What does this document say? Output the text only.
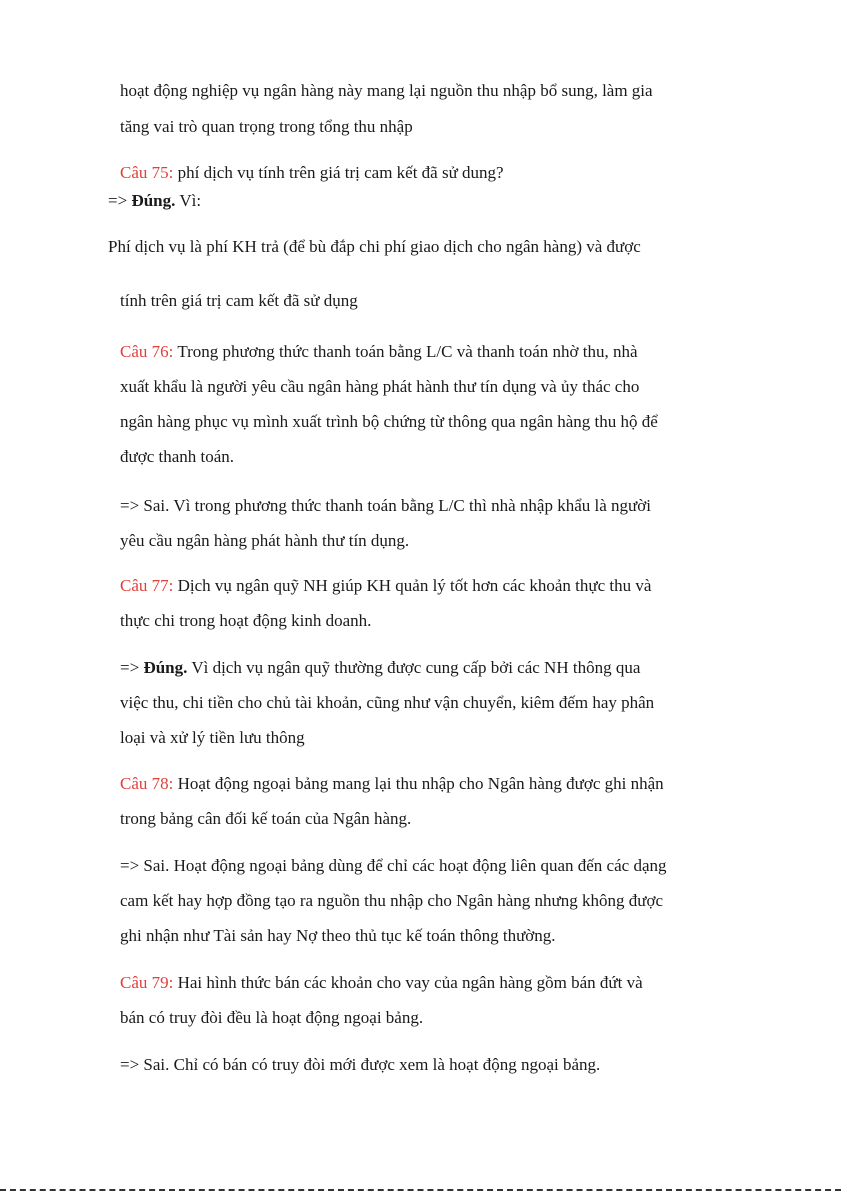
hoạt động nghiệp vụ ngân hàng này mang lại nguồn thu nhập bổ sung, làm gia
tăng vai trò quan trọng trong tổng thu nhập
Câu 75: phí dịch vụ tính trên giá trị cam kết đã sử dung?
=> Đúng. Vì:
Phí dịch vụ là phí KH trả (để bù đắp chi phí giao dịch cho ngân hàng) và được
tính trên giá trị cam kết đã sử dụng
Câu 76: Trong phương thức thanh toán bằng L/C và thanh toán nhờ thu, nhà
xuất khẩu là người yêu cầu ngân hàng phát hành thư tín dụng và ủy thác cho
ngân hàng phục vụ mình xuất trình bộ chứng từ thông qua ngân hàng thu hộ để
được thanh toán.
=> Sai. Vì trong phương thức thanh toán bằng L/C thì nhà nhập khẩu là người
yêu cầu ngân hàng phát hành thư tín dụng.
Câu 77: Dịch vụ ngân quỹ NH giúp KH quản lý tốt hơn các khoản thực thu và
thực chi trong hoạt động kinh doanh.
=> Đúng. Vì dịch vụ ngân quỹ thường được cung cấp bởi các NH thông qua
việc thu, chi tiền cho chủ tài khoản, cũng như vận chuyển, kiêm đếm hay phân
loại và xử lý tiền lưu thông
Câu 78: Hoạt động ngoại bảng mang lại thu nhập cho Ngân hàng được ghi nhận
trong bảng cân đối kế toán của Ngân hàng.
=> Sai. Hoạt động ngoại bảng dùng để chỉ các hoạt động liên quan đến các dạng
cam kết hay hợp đồng tạo ra nguồn thu nhập cho Ngân hàng nhưng không được
ghi nhận như Tài sản hay Nợ theo thủ tục kế toán thông thường.
Câu 79: Hai hình thức bán các khoản cho vay của ngân hàng gồm bán đứt và
bán có truy đòi đều là hoạt động ngoại bảng.
=> Sai. Chỉ có bán có truy đòi mới được xem là hoạt động ngoại bảng.
